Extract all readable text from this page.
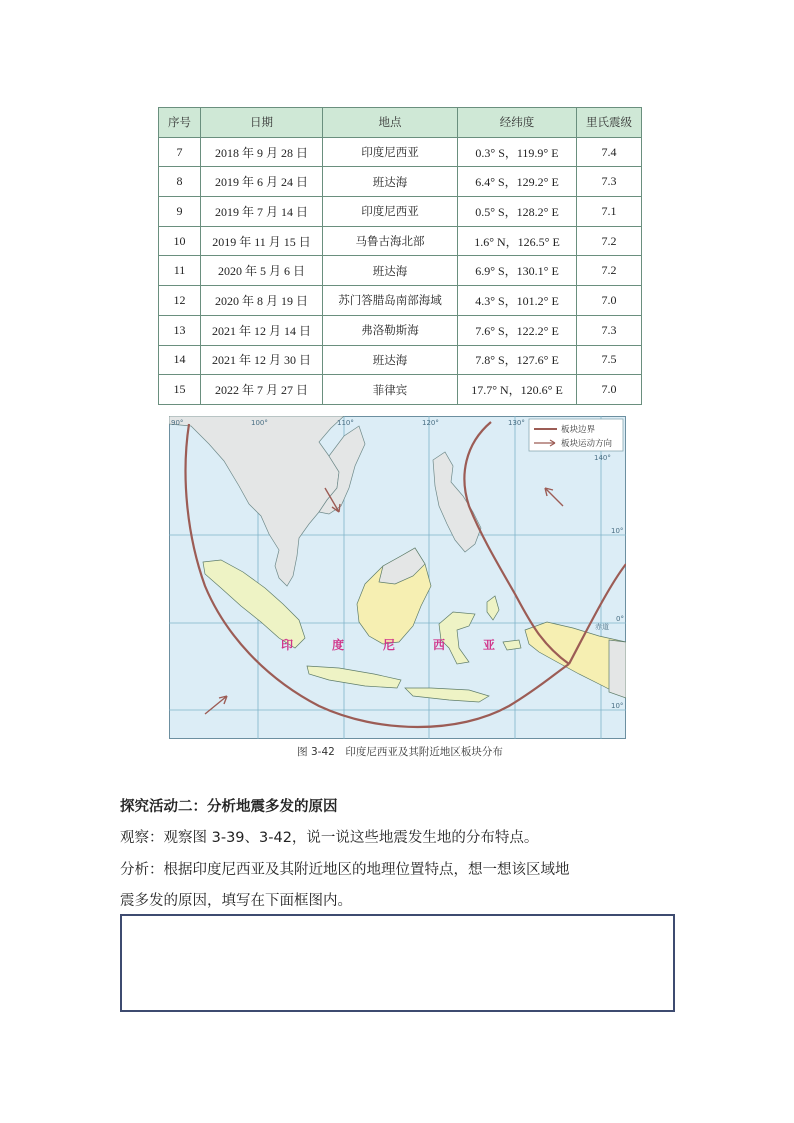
序号	日期	地点	经纬度	里氏震级
7	2018 年 9 月 28 日	印度尼西亚	0.3° S，119.9° E	7.4
8	2019 年 6 月 24 日	班达海	6.4° S，129.2° E	7.3
9	2019 年 7 月 14 日	印度尼西亚	0.5° S，128.2° E	7.1
10	2019 年 11 月 15 日	马鲁古海北部	1.6° N，126.5° E	7.2
11	2020 年 5 月 6 日	班达海	6.9° S，130.1° E	7.2
12	2020 年 8 月 19 日	苏门答腊岛南部海域	4.3° S，101.2° E	7.0
13	2021 年 12 月 14 日	弗洛勒斯海	7.6° S，122.2° E	7.3
14	2021 年 12 月 30 日	班达海	7.8° S，127.6° E	7.5
15	2022 年 7 月 27 日	菲律宾	17.7° N，120.6° E	7.0
板块边界
板块运动方向
90°	100°	110°	120°	130°
140°
10°
0°
10°
赤道
印	度	尼	西	亚
图 3-42　印度尼西亚及其附近地区板块分布
探究活动二：分析地震多发的原因
观察：观察图 3-39、3-42，说一说这些地震发生地的分布特点。
分析：根据印度尼西亚及其附近地区的地理位置特点，想一想该区域地
震多发的原因，填写在下面框图内。
